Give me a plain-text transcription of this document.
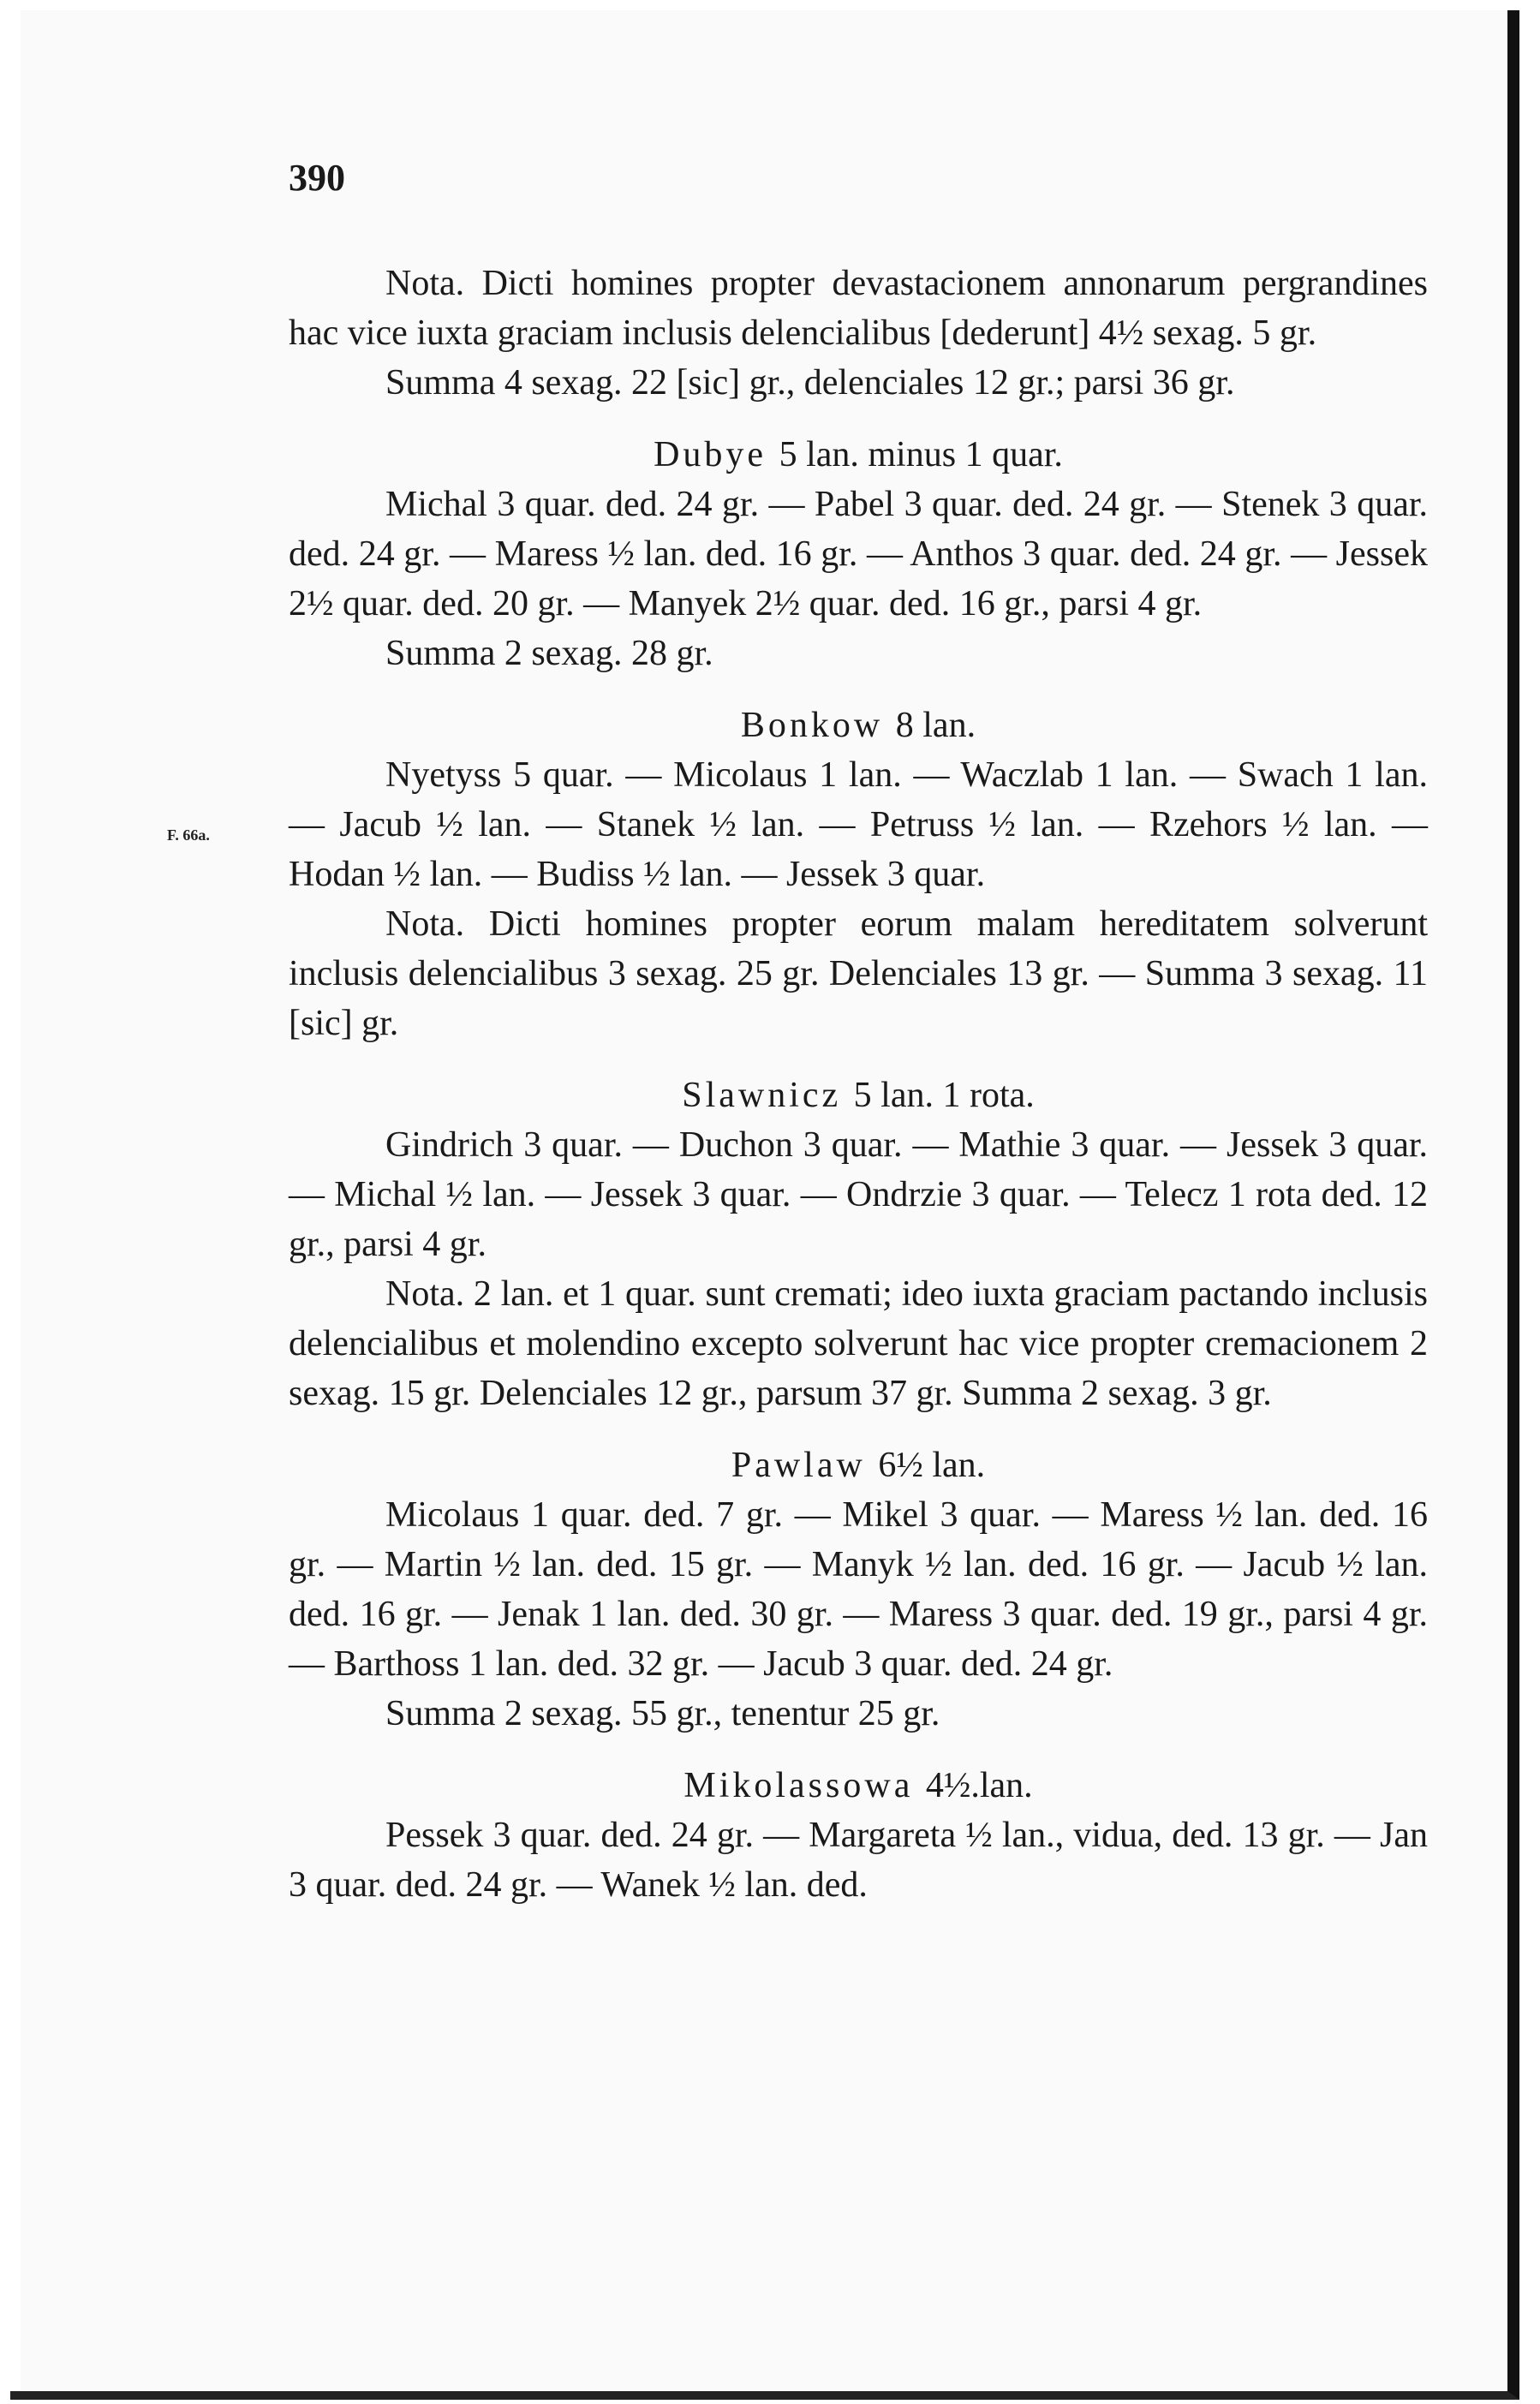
390
F. 66a.

Nota. Dicti homines propter devastacionem annonarum pergrandines hac vice iuxta graciam inclusis delencialibus [dederunt] 4½ sexag. 5 gr.

Summa 4 sexag. 22 [sic] gr., delenciales 12 gr.; parsi 36 gr.

Dubye 5 lan. minus 1 quar.

Michal 3 quar. ded. 24 gr. — Pabel 3 quar. ded. 24 gr. — Stenek 3 quar. ded. 24 gr. — Maress ½ lan. ded. 16 gr. — Anthos 3 quar. ded. 24 gr. — Jessek 2½ quar. ded. 20 gr. — Manyek 2½ quar. ded. 16 gr., parsi 4 gr.

Summa 2 sexag. 28 gr.

Bonkow 8 lan.

Nyetyss 5 quar. — Micolaus 1 lan. — Waczlab 1 lan. — Swach 1 lan. — Jacub ½ lan. — Stanek ½ lan. — Petruss ½ lan. — Rzehors ½ lan. — Hodan ½ lan. — Budiss ½ lan. — Jessek 3 quar.

Nota. Dicti homines propter eorum malam hereditatem solverunt inclusis delencialibus 3 sexag. 25 gr. Delenciales 13 gr. — Summa 3 sexag. 11 [sic] gr.

Slawnicz 5 lan. 1 rota.

Gindrich 3 quar. — Duchon 3 quar. — Mathie 3 quar. — Jessek 3 quar. — Michal ½ lan. — Jessek 3 quar. — Ondrzie 3 quar. — Telecz 1 rota ded. 12 gr., parsi 4 gr.

Nota. 2 lan. et 1 quar. sunt cremati; ideo iuxta graciam pactando inclusis delencialibus et molendino excepto solverunt hac vice propter cremacionem 2 sexag. 15 gr. Delenciales 12 gr., parsum 37 gr. Summa 2 sexag. 3 gr.

Pawlaw 6½ lan.

Micolaus 1 quar. ded. 7 gr. — Mikel 3 quar. — Maress ½ lan. ded. 16 gr. — Martin ½ lan. ded. 15 gr. — Manyk ½ lan. ded. 16 gr. — Jacub ½ lan. ded. 16 gr. — Jenak 1 lan. ded. 30 gr. — Maress 3 quar. ded. 19 gr., parsi 4 gr. — Barthoss 1 lan. ded. 32 gr. — Jacub 3 quar. ded. 24 gr.

Summa 2 sexag. 55 gr., tenentur 25 gr.

Mikolassowa 4½.lan.

Pessek 3 quar. ded. 24 gr. — Margareta ½ lan., vidua, ded. 13 gr. — Jan 3 quar. ded. 24 gr. — Wanek ½ lan. ded.
